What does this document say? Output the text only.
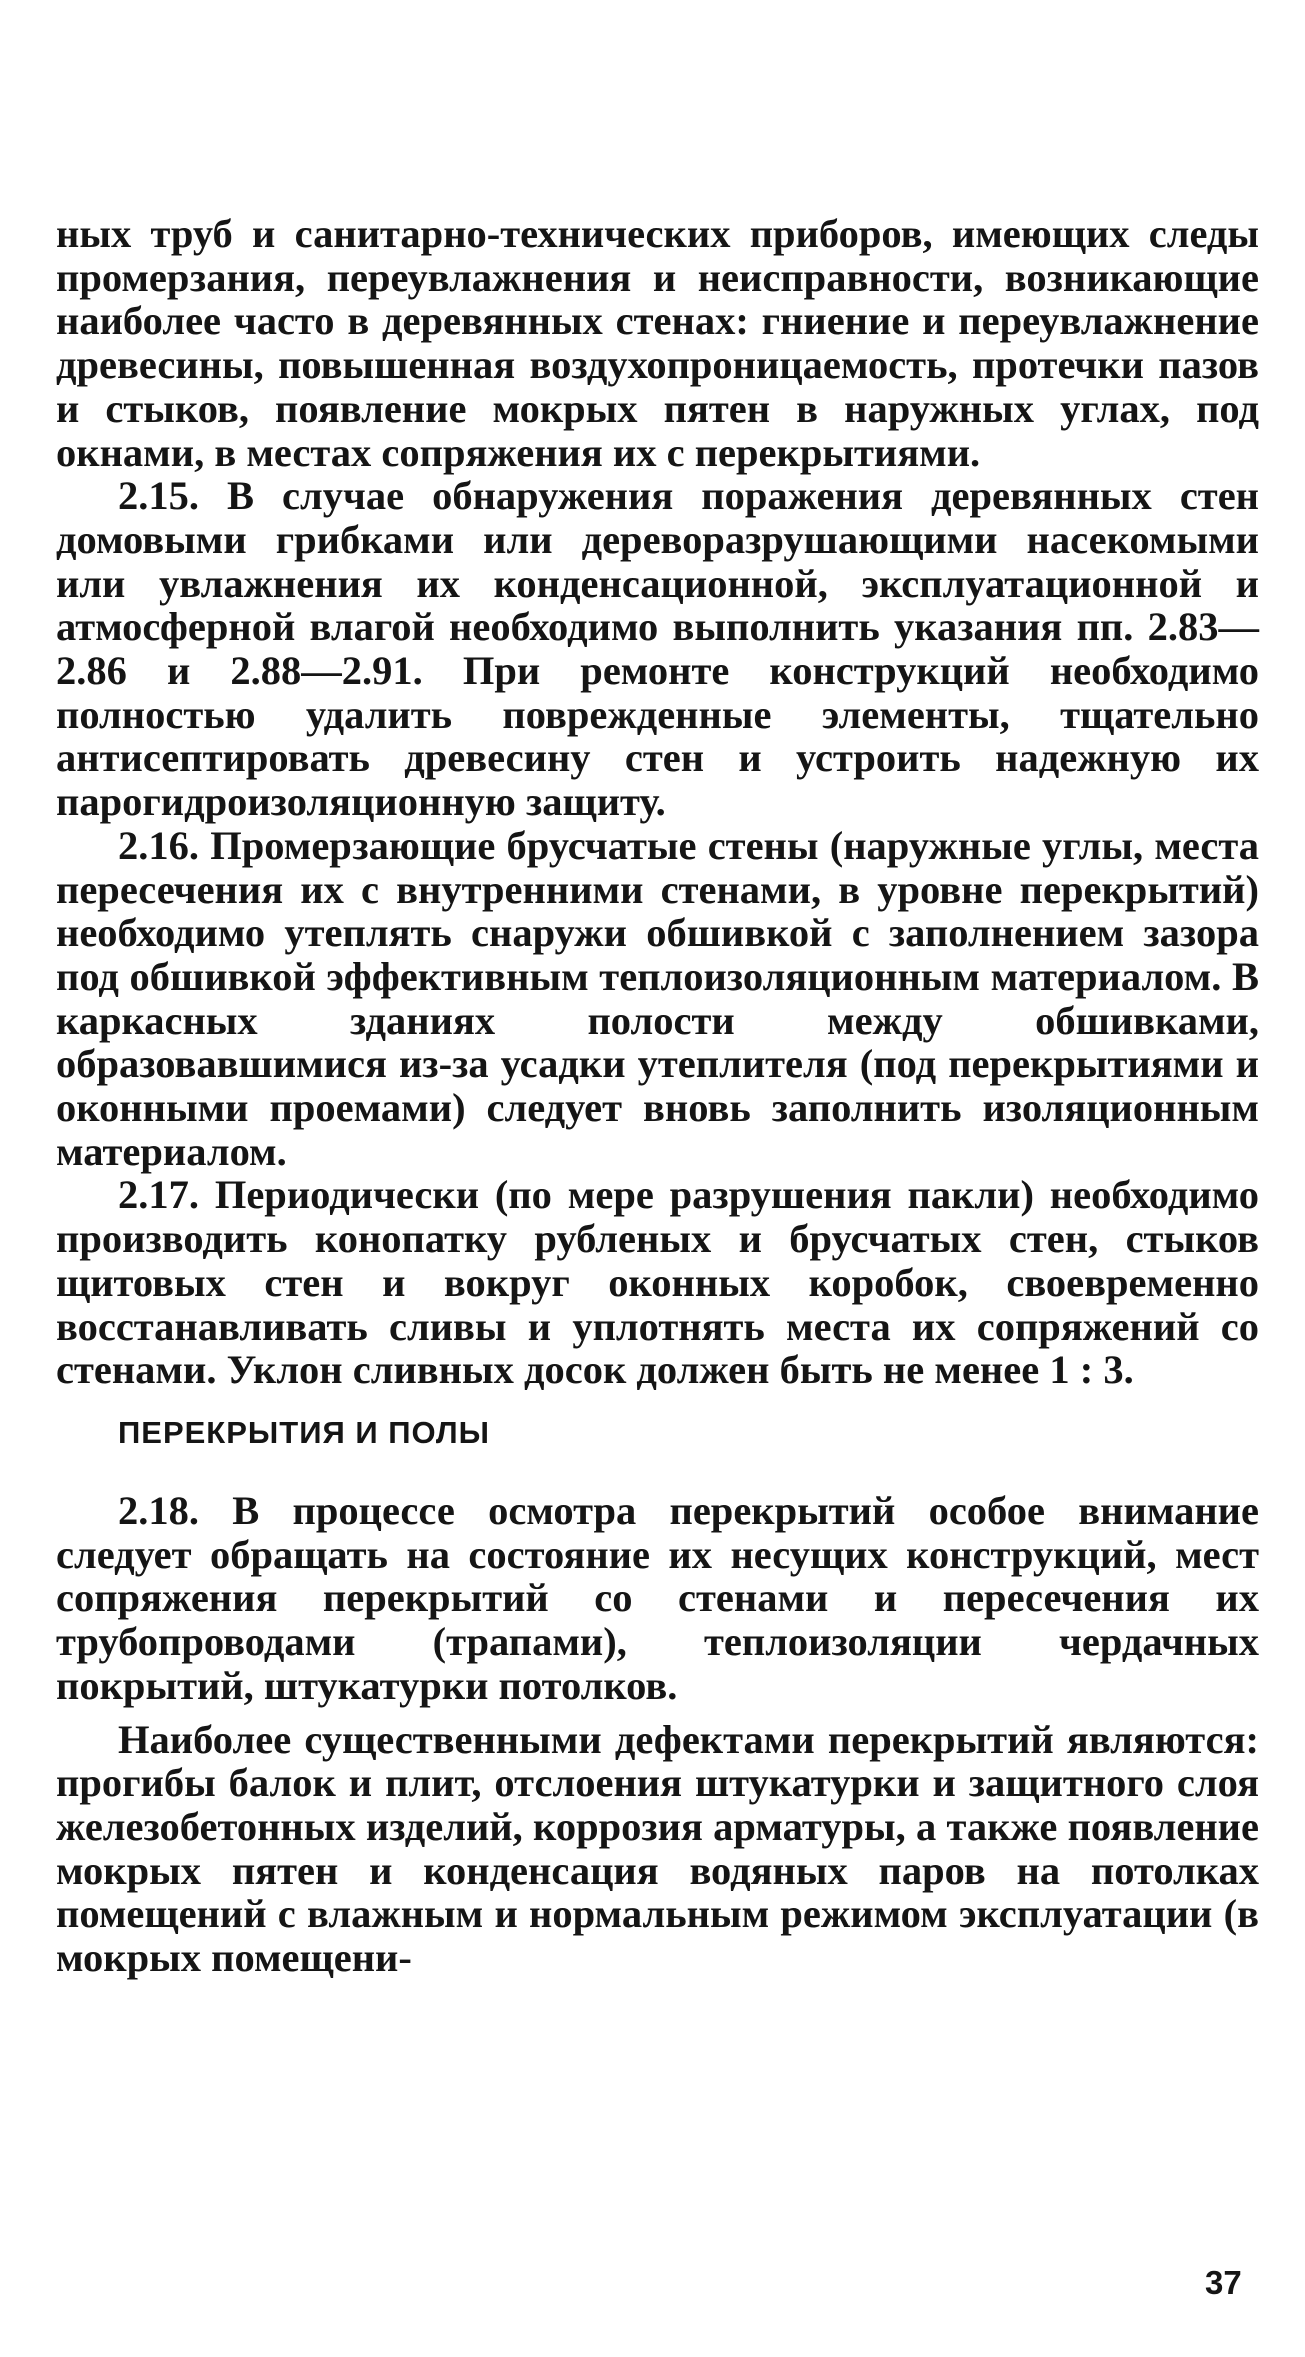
ных труб и санитарно-технических приборов, имеющих следы промерзания, переувлажнения и неисправности, возникающие наиболее часто в деревянных стенах: гниение и переувлажнение древесины, повышенная воздухопроницаемость, протечки пазов и стыков, появление мокрых пятен в наружных углах, под окнами, в местах сопряжения их с перекрытиями.

2.15. В случае обнаружения поражения деревянных стен домовыми грибками или дереворазрушающими насекомыми или увлажнения их конденсационной, эксплуатационной и атмосферной влагой необходимо выполнить указания пп. 2.83—2.86 и 2.88—2.91. При ремонте конструкций необходимо полностью удалить поврежденные элементы, тщательно антисептировать древесину стен и устроить надежную их парогидроизоляционную защиту.

2.16. Промерзающие брусчатые стены (наружные углы, места пересечения их с внутренними стенами, в уровне перекрытий) необходимо утеплять снаружи обшивкой с заполнением зазора под обшивкой эффективным теплоизоляционным материалом. В каркасных зданиях полости между обшивками, образовавшимися из-за усадки утеплителя (под перекрытиями и оконными проемами) следует вновь заполнить изоляционным материалом.

2.17. Периодически (по мере разрушения пакли) необходимо производить конопатку рубленых и брусчатых стен, стыков щитовых стен и вокруг оконных коробок, своевременно восстанавливать сливы и уплотнять места их сопряжений со стенами. Уклон сливных досок должен быть не менее 1 : 3.

ПЕРЕКРЫТИЯ И ПОЛЫ

2.18. В процессе осмотра перекрытий особое внимание следует обращать на состояние их несущих конструкций, мест сопряжения перекрытий со стенами и пересечения их трубопроводами (трапами), теплоизоляции чердачных покрытий, штукатурки потолков.

Наиболее существенными дефектами перекрытий являются: прогибы балок и плит, отслоения штукатурки и защитного слоя железобетонных изделий, коррозия арматуры, а также появление мокрых пятен и конденсация водяных паров на потолках помещений с влажным и нормальным режимом эксплуатации (в мокрых помещени-

37
